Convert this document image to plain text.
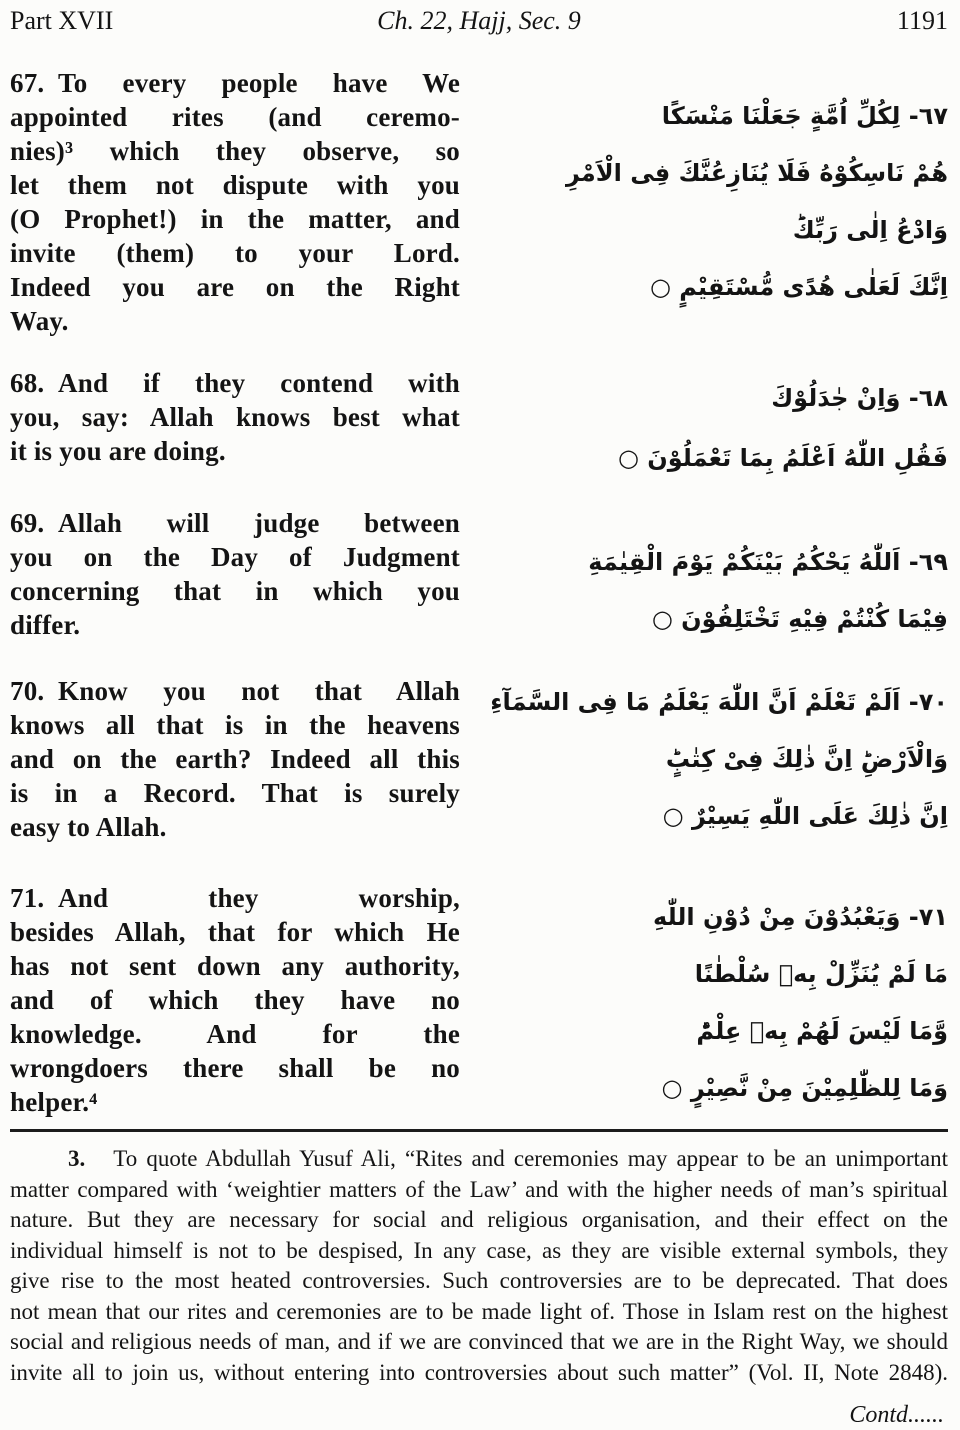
Part XVII	Ch. 22, Hajj, Sec. 9	1191
67. To every people have We
appointed rites (and ceremo-
nies)³ which they observe, so
let them not dispute with you
(O Prophet!) in the matter, and
invite (them) to your Lord.
Indeed you are on the Right
Way.
٦٧- لِكُلِّ اُمَّةٍ جَعَلْنَا مَنْسَكًا
هُمْ نَاسِكُوْهُ فَلَا يُنَازِعُنَّكَ فِى الْاَمْرِ
وَادْعُ اِلٰى رَبِّكَؕ
اِنَّكَ لَعَلٰى هُدًى مُّسْتَقِيْمٍ ○
68. And if they contend with
you, say: Allah knows best what
it is you are doing.
٦٨- وَاِنْ جٰدَلُوْكَ
فَقُلِ اللّٰهُ اَعْلَمُ بِمَا تَعْمَلُوْنَ ○
69. Allah will judge between
you on the Day of Judgment
concerning that in which you
differ.
٦٩- اَللّٰهُ يَحْكُمُ بَيْنَكُمْ يَوْمَ الْقِيٰمَةِ
فِيْمَا كُنْتُمْ فِيْهِ تَخْتَلِفُوْنَ ○
70. Know you not that Allah
knows all that is in the heavens
and on the earth? Indeed all this
is in a Record. That is surely
easy to Allah.
٧٠- اَلَمْ تَعْلَمْ اَنَّ اللّٰهَ يَعْلَمُ مَا فِى السَّمَآءِ
وَالْاَرْضِؕ اِنَّ ذٰلِكَ فِىْ كِتٰبٍؕ
اِنَّ ذٰلِكَ عَلَى اللّٰهِ يَسِيْرٌ ○
71. And they worship,
besides Allah, that for which He
has not sent down any authority,
and of which they have no
knowledge. And for the
wrongdoers there shall be no
helper.⁴
٧١- وَيَعْبُدُوْنَ مِنْ دُوْنِ اللّٰهِ
مَا لَمْ يُنَزِّلْ بِهٖ سُلْطٰنًا
وَّمَا لَيْسَ لَهُمْ بِهٖ عِلْمٌؕ
وَمَا لِلظّٰلِمِيْنَ مِنْ نَّصِيْرٍ ○
3. To quote Abdullah Yusuf Ali, “Rites and ceremonies may appear to be an unimportant
matter compared with ‘weightier matters of the Law’ and with the higher needs of man’s spiritual
nature. But they are necessary for social and religious organisation, and their effect on the
individual himself is not to be despised, In any case, as they are visible external symbols, they
give rise to the most heated controversies. Such controversies are to be deprecated. That does
not mean that our rites and ceremonies are to be made light of. Those in Islam rest on the highest
social and religious needs of man, and if we are convinced that we are in the Right Way, we should
invite all to join us, without entering into controversies about such matter” (Vol. II, Note 2848).
Contd......
